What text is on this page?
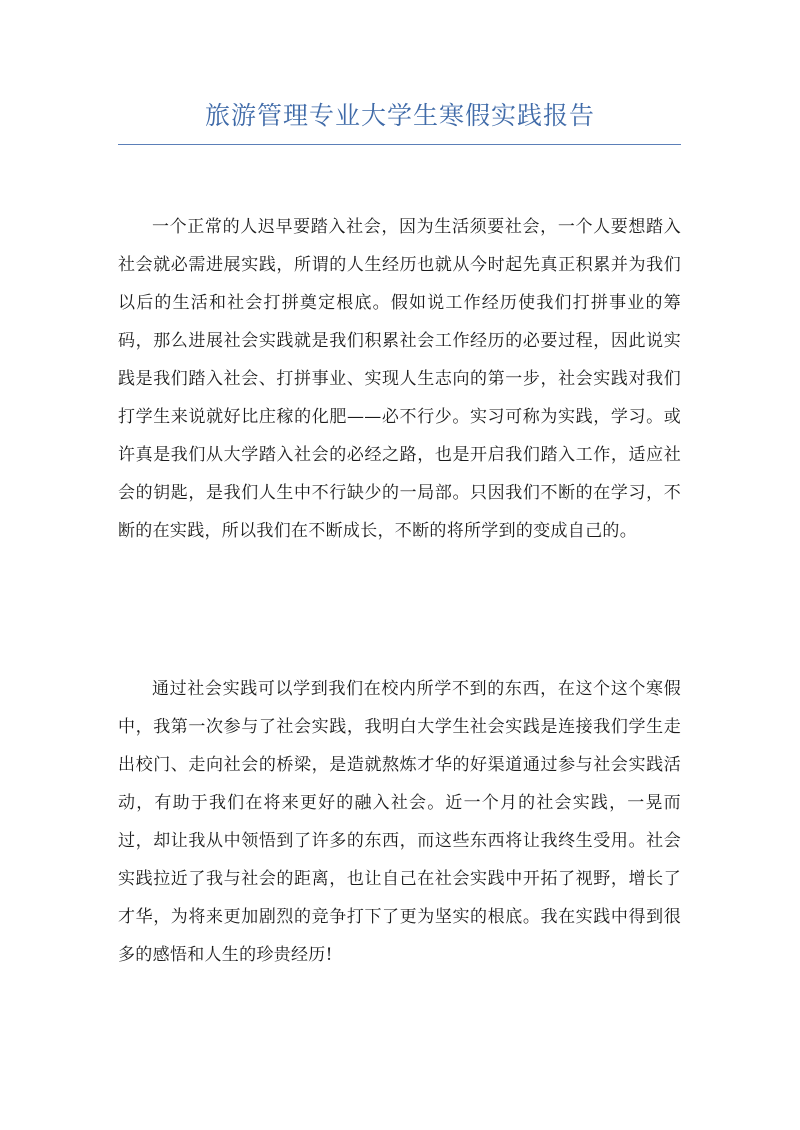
旅游管理专业大学生寒假实践报告

一个正常的人迟早要踏入社会，因为生活须要社会，一个人要想踏入社会就必需进展实践，所谓的人生经历也就从今时起先真正积累并为我们以后的生活和社会打拼奠定根底。假如说工作经历使我们打拼事业的筹码，那么进展社会实践就是我们积累社会工作经历的必要过程，因此说实践是我们踏入社会、打拼事业、实现人生志向的第一步，社会实践对我们打学生来说就好比庄稼的化肥——必不行少。实习可称为实践，学习。或许真是我们从大学踏入社会的必经之路，也是开启我们踏入工作，适应社会的钥匙，是我们人生中不行缺少的一局部。只因我们不断的在学习，不断的在实践，所以我们在不断成长，不断的将所学到的变成自己的。

通过社会实践可以学到我们在校内所学不到的东西，在这个这个寒假中，我第一次参与了社会实践，我明白大学生社会实践是连接我们学生走出校门、走向社会的桥梁，是造就熬炼才华的好渠道通过参与社会实践活动，有助于我们在将来更好的融入社会。近一个月的社会实践，一晃而过，却让我从中领悟到了许多的东西，而这些东西将让我终生受用。社会实践拉近了我与社会的距离，也让自己在社会实践中开拓了视野，增长了才华，为将来更加剧烈的竞争打下了更为坚实的根底。我在实践中得到很多的感悟和人生的珍贵经历!
